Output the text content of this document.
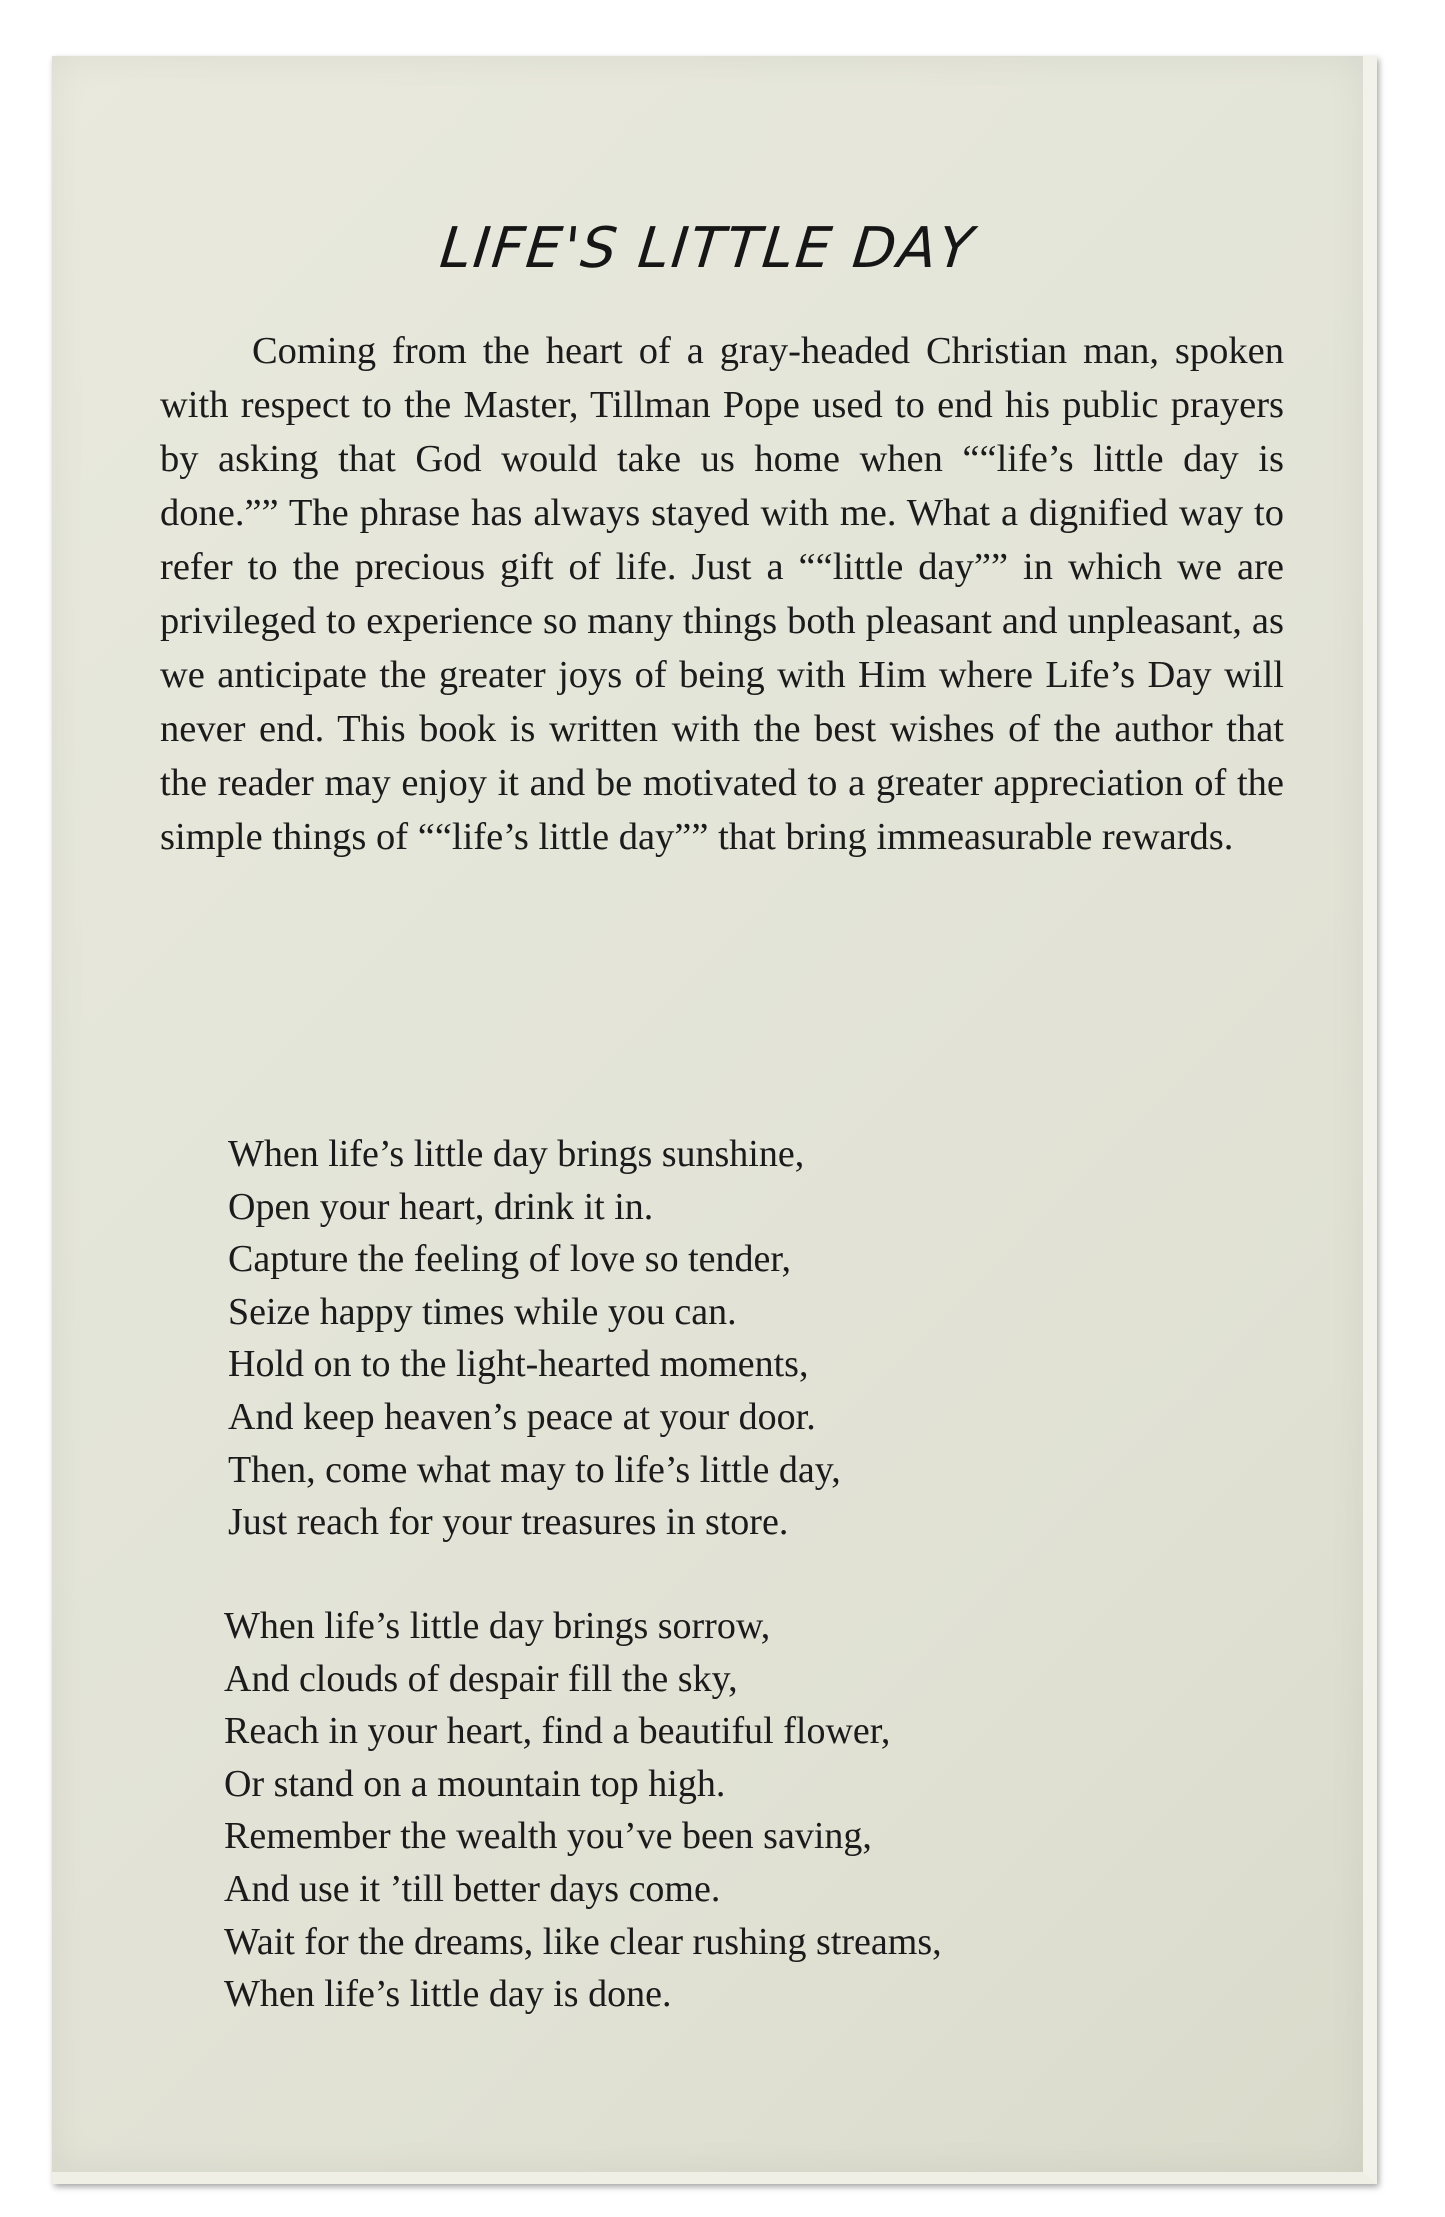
LIFE'S LITTLE DAY

Coming from the heart of a gray-headed Christian man, spoken with respect to the Master, Tillman Pope used to end his public prayers by asking that God would take us home when ““life’s little day is done.”” The phrase has always stayed with me. What a dignified way to refer to the precious gift of life. Just a ““little day”” in which we are privileged to experience so many things both pleasant and unpleasant, as we anticipate the greater joys of being with Him where Life’s Day will never end. This book is written with the best wishes of the author that the reader may enjoy it and be motivated to a greater appreciation of the simple things of ““life’s little day”” that bring immeasurable rewards.

When life’s little day brings sunshine,
Open your heart, drink it in.
Capture the feeling of love so tender,
Seize happy times while you can.
Hold on to the light-hearted moments,
And keep heaven’s peace at your door.
Then, come what may to life’s little day,
Just reach for your treasures in store.
When life’s little day brings sorrow,
And clouds of despair fill the sky,
Reach in your heart, find a beautiful flower,
Or stand on a mountain top high.
Remember the wealth you’ve been saving,
And use it ’till better days come.
Wait for the dreams, like clear rushing streams,
When life’s little day is done.
